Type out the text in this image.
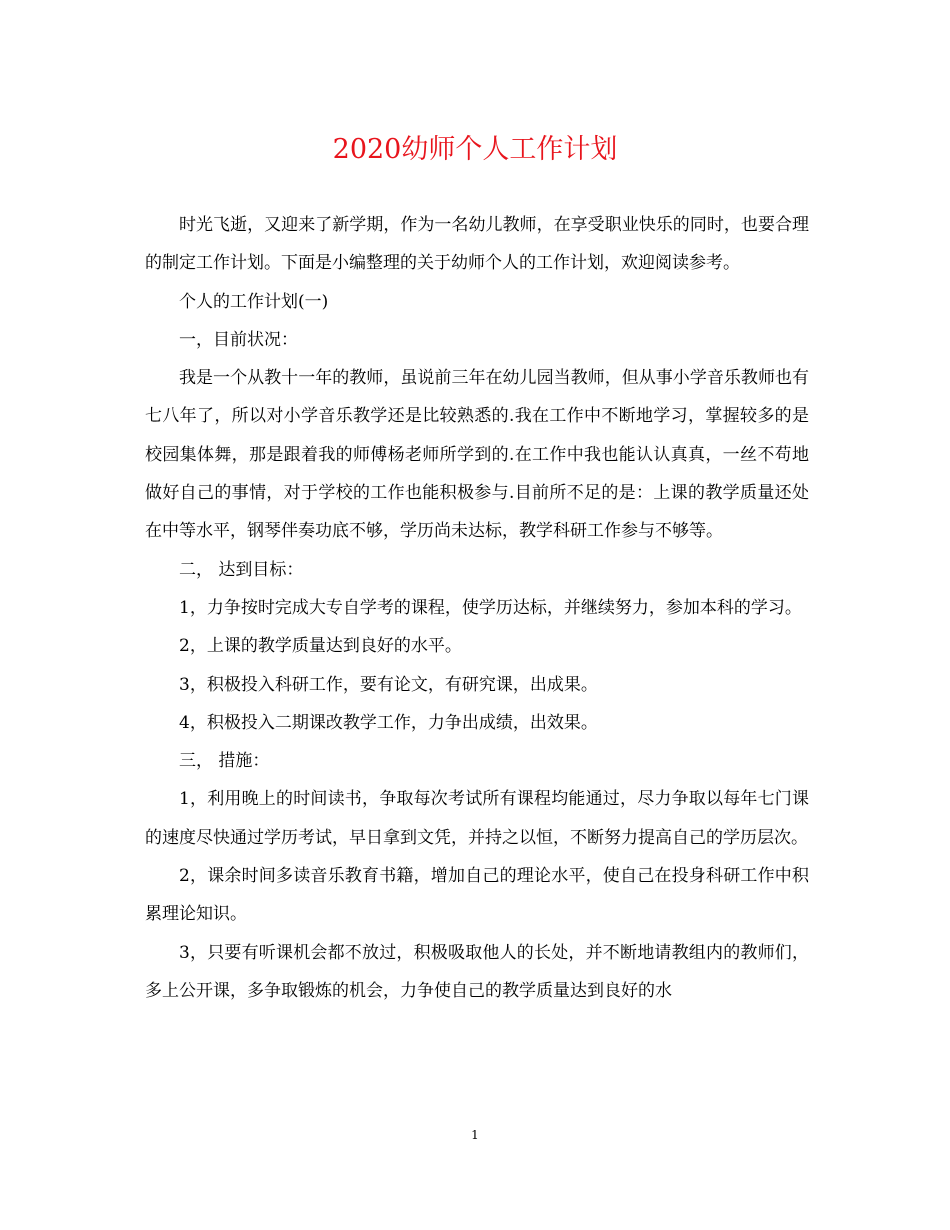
2020幼师个人工作计划

时光飞逝，又迎来了新学期，作为一名幼儿教师，在享受职业快乐的同时，也要合理的制定工作计划。下面是小编整理的关于幼师个人的工作计划，欢迎阅读参考。

个人的工作计划(一)

一，目前状况：

我是一个从教十一年的教师，虽说前三年在幼儿园当教师，但从事小学音乐教师也有七八年了，所以对小学音乐教学还是比较熟悉的.我在工作中不断地学习，掌握较多的是校园集体舞，那是跟着我的师傅杨老师所学到的.在工作中我也能认认真真，一丝不苟地做好自己的事情，对于学校的工作也能积极参与.目前所不足的是：上课的教学质量还处在中等水平，钢琴伴奏功底不够，学历尚未达标，教学科研工作参与不够等。

二， 达到目标：

1，力争按时完成大专自学考的课程，使学历达标，并继续努力，参加本科的学习。

2，上课的教学质量达到良好的水平。

3，积极投入科研工作，要有论文，有研究课，出成果。

4，积极投入二期课改教学工作，力争出成绩，出效果。

三， 措施：

1，利用晚上的时间读书，争取每次考试所有课程均能通过，尽力争取以每年七门课的速度尽快通过学历考试，早日拿到文凭，并持之以恒，不断努力提高自己的学历层次。

2，课余时间多读音乐教育书籍，增加自己的理论水平，使自己在投身科研工作中积累理论知识。

3，只要有听课机会都不放过，积极吸取他人的长处，并不断地请教组内的教师们，多上公开课，多争取锻炼的机会，力争使自己的教学质量达到良好的水

1
